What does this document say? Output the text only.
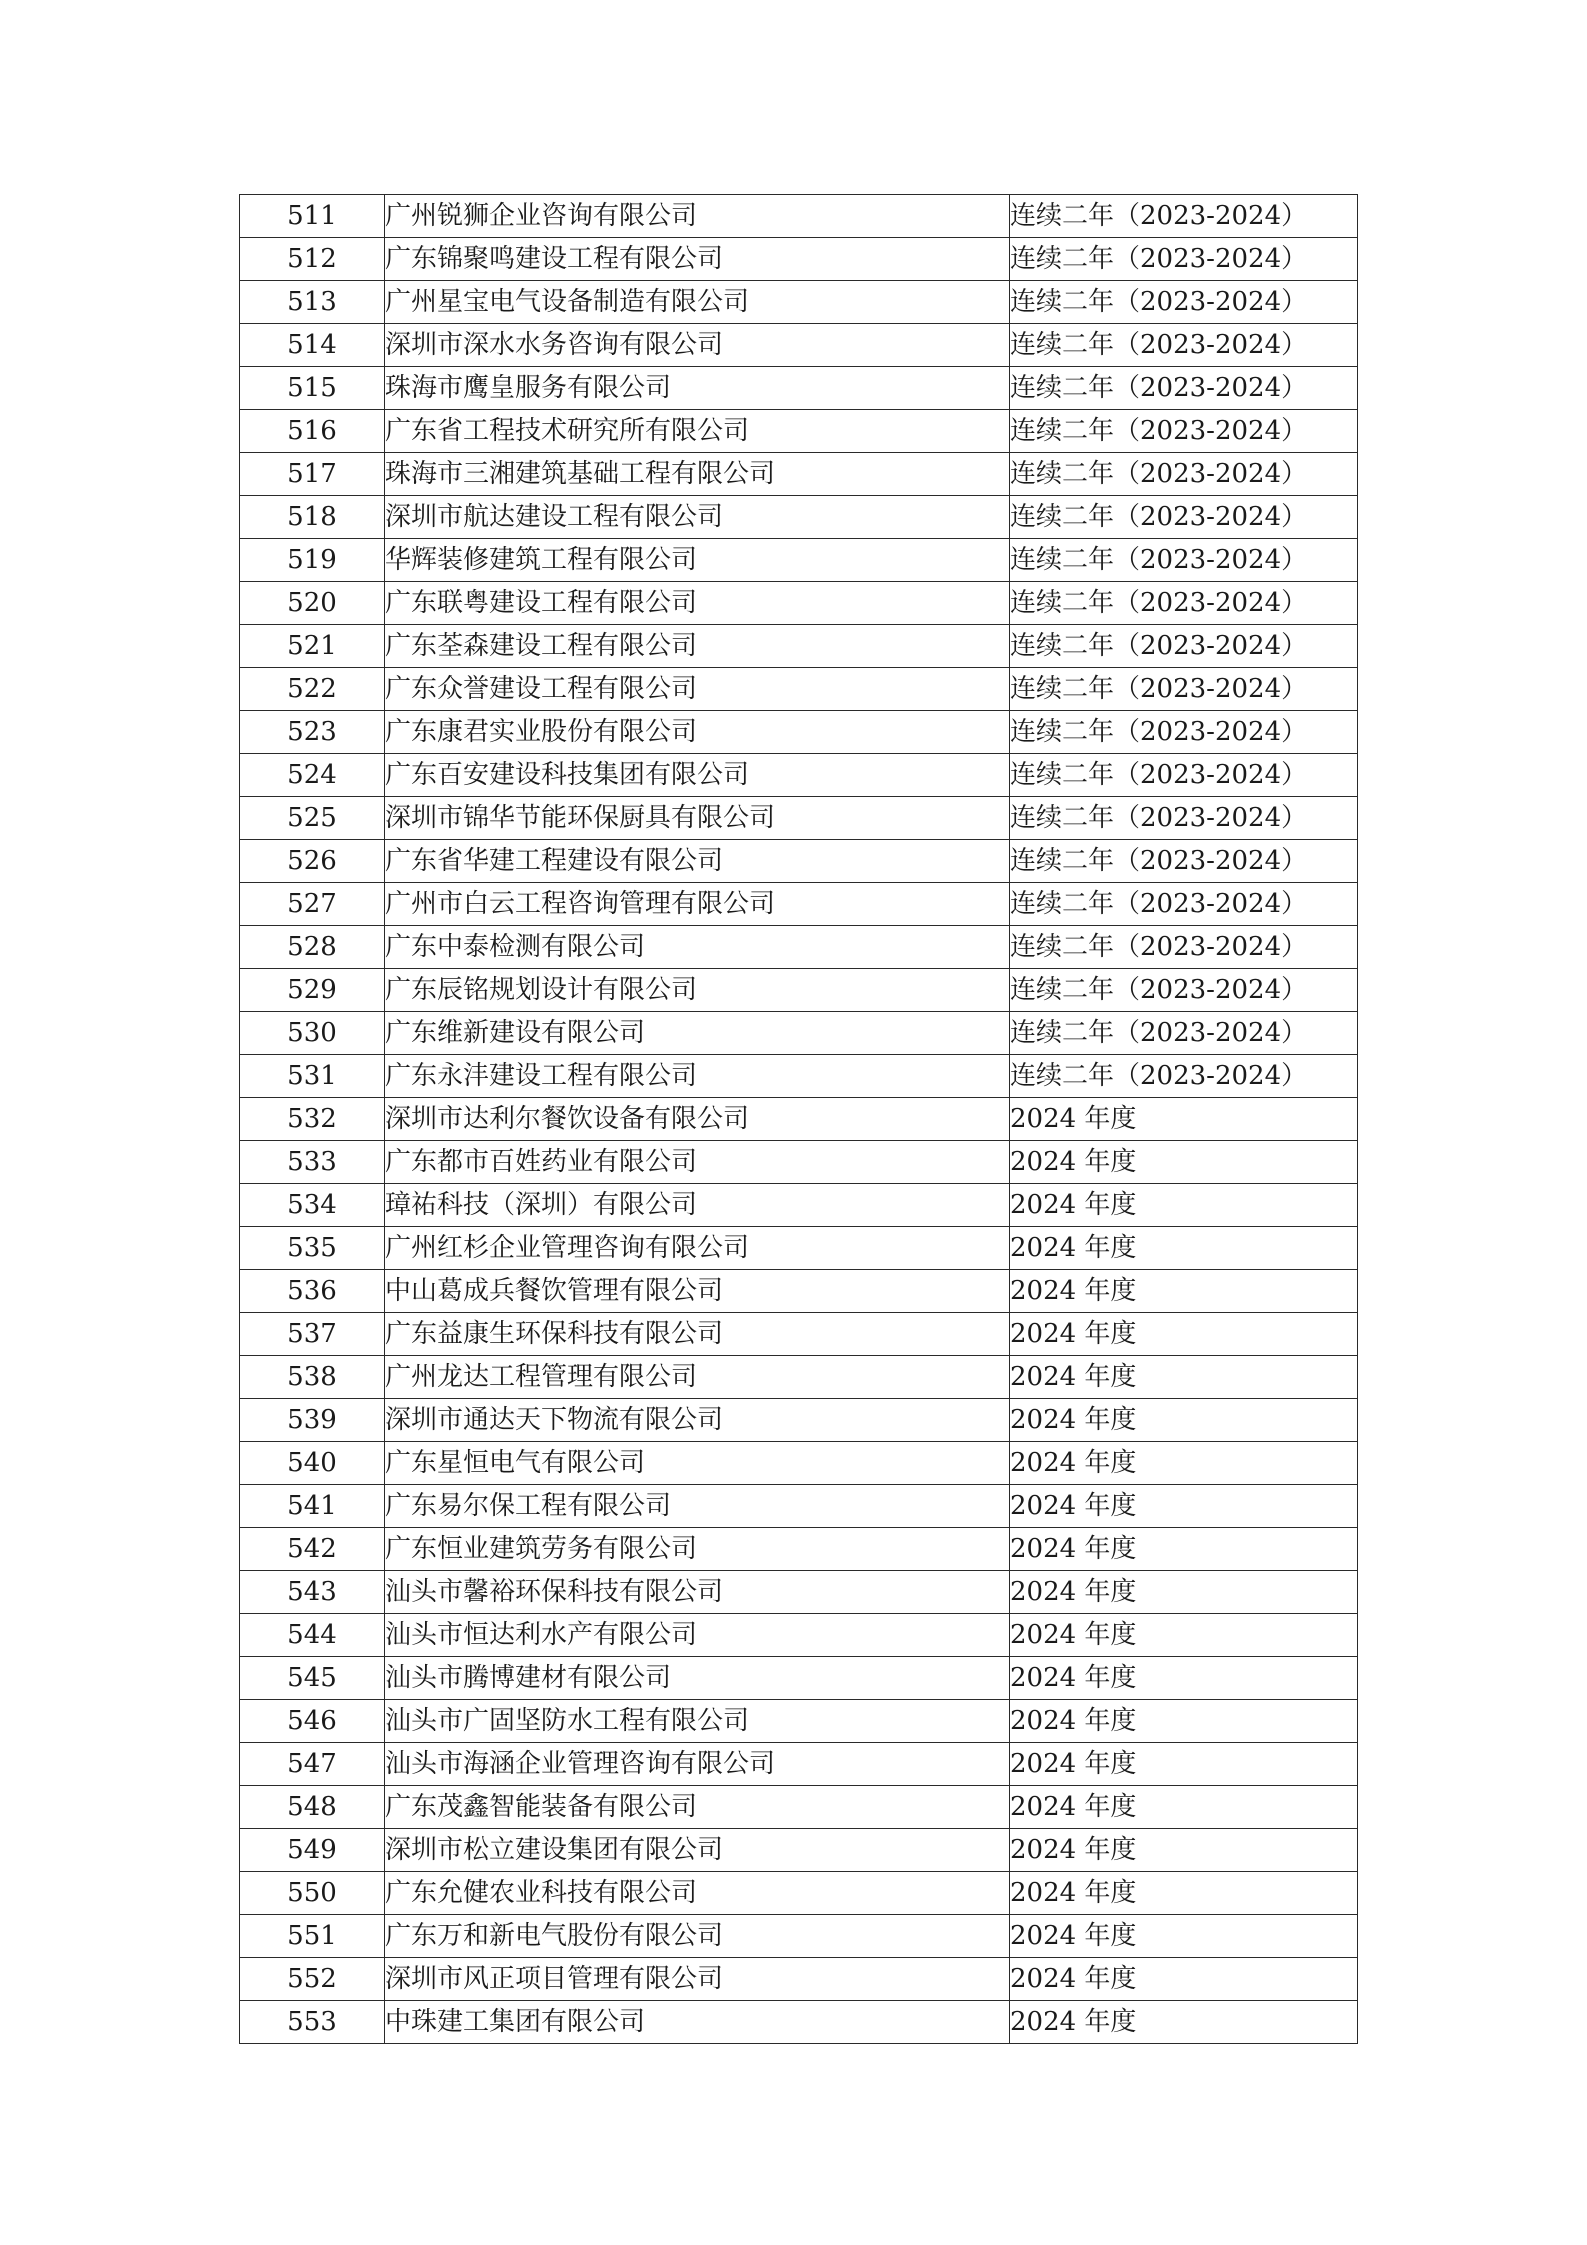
511	广州锐狮企业咨询有限公司	连续二年（2023-2024）
512	广东锦聚鸣建设工程有限公司	连续二年（2023-2024）
513	广州星宝电气设备制造有限公司	连续二年（2023-2024）
514	深圳市深水水务咨询有限公司	连续二年（2023-2024）
515	珠海市鹰皇服务有限公司	连续二年（2023-2024）
516	广东省工程技术研究所有限公司	连续二年（2023-2024）
517	珠海市三湘建筑基础工程有限公司	连续二年（2023-2024）
518	深圳市航达建设工程有限公司	连续二年（2023-2024）
519	华辉装修建筑工程有限公司	连续二年（2023-2024）
520	广东联粤建设工程有限公司	连续二年（2023-2024）
521	广东荃森建设工程有限公司	连续二年（2023-2024）
522	广东众誉建设工程有限公司	连续二年（2023-2024）
523	广东康君实业股份有限公司	连续二年（2023-2024）
524	广东百安建设科技集团有限公司	连续二年（2023-2024）
525	深圳市锦华节能环保厨具有限公司	连续二年（2023-2024）
526	广东省华建工程建设有限公司	连续二年（2023-2024）
527	广州市白云工程咨询管理有限公司	连续二年（2023-2024）
528	广东中泰检测有限公司	连续二年（2023-2024）
529	广东辰铭规划设计有限公司	连续二年（2023-2024）
530	广东维新建设有限公司	连续二年（2023-2024）
531	广东永沣建设工程有限公司	连续二年（2023-2024）
532	深圳市达利尔餐饮设备有限公司	2024 年度
533	广东都市百姓药业有限公司	2024 年度
534	璋祐科技（深圳）有限公司	2024 年度
535	广州红杉企业管理咨询有限公司	2024 年度
536	中山葛成兵餐饮管理有限公司	2024 年度
537	广东益康生环保科技有限公司	2024 年度
538	广州龙达工程管理有限公司	2024 年度
539	深圳市通达天下物流有限公司	2024 年度
540	广东星恒电气有限公司	2024 年度
541	广东易尔保工程有限公司	2024 年度
542	广东恒业建筑劳务有限公司	2024 年度
543	汕头市馨裕环保科技有限公司	2024 年度
544	汕头市恒达利水产有限公司	2024 年度
545	汕头市腾博建材有限公司	2024 年度
546	汕头市广固坚防水工程有限公司	2024 年度
547	汕头市海涵企业管理咨询有限公司	2024 年度
548	广东茂鑫智能装备有限公司	2024 年度
549	深圳市松立建设集团有限公司	2024 年度
550	广东允健农业科技有限公司	2024 年度
551	广东万和新电气股份有限公司	2024 年度
552	深圳市风正项目管理有限公司	2024 年度
553	中珠建工集团有限公司	2024 年度
